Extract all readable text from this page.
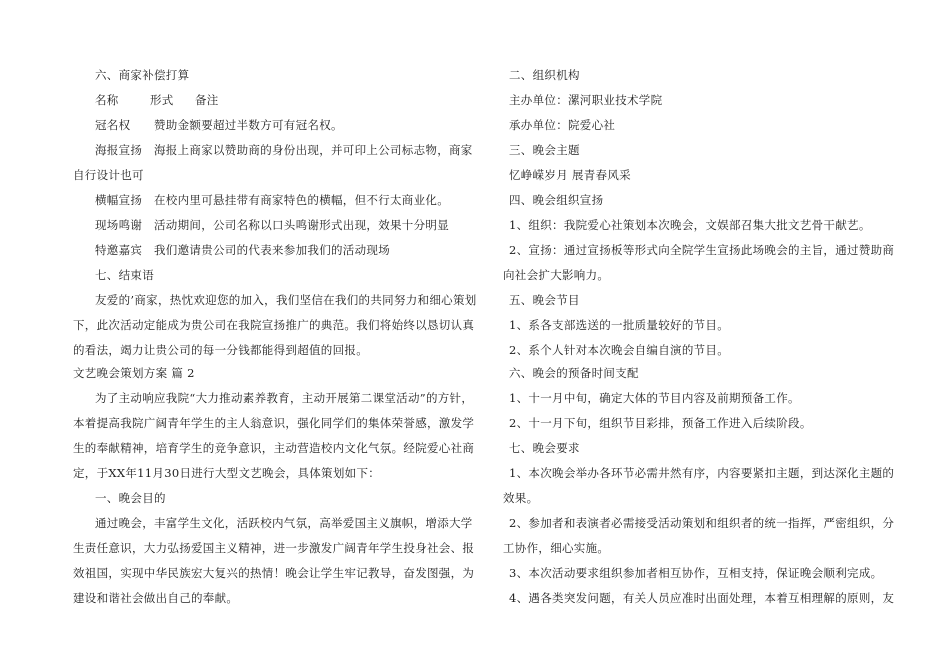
六、商家补偿打算
名称	形式 备注
冠名权 赞助金额要超过半数方可有冠名权。
海报宣扬 海报上商家以赞助商的身份出现，并可印上公司标志物，商家
自行设计也可
横幅宣扬 在校内里可悬挂带有商家特色的横幅，但不行太商业化。
现场鸣谢 活动期间，公司名称以口头鸣谢形式出现，效果十分明显
特邀嘉宾 我们邀请贵公司的代表来参加我们的活动现场
七、结束语
友爱的’商家，热忱欢迎您的加入，我们坚信在我们的共同努力和细心策划
下，此次活动定能成为贵公司在我院宣扬推广的典范。我们将始终以恳切认真
的看法，竭力让贵公司的每一分钱都能得到超值的回报。
文艺晚会策划方案 篇 2
为了主动响应我院“大力推动素养教育，主动开展第二课堂活动”的方针，
本着提高我院广阔青年学生的主人翁意识，强化同学们的集体荣誉感，激发学
生的奉献精神，培育学生的竞争意识，主动营造校内文化气氛。经院爱心社商
定，于XX年11月30日进行大型文艺晚会，具体策划如下：
一、晚会目的
通过晚会，丰富学生文化，活跃校内气氛，高举爱国主义旗帜，增添大学
生责任意识，大力弘扬爱国主义精神，进一步激发广阔青年学生投身社会、报
效祖国，实现中华民族宏大复兴的热情！晚会让学生牢记教导，奋发图强，为
建设和谐社会做出自己的奉献。
二、组织机构
主办单位：漯河职业技术学院
承办单位：院爱心社
三、晚会主题
忆峥嵘岁月 展青春风采
四、晚会组织宣扬
1、组织：我院爱心社策划本次晚会，文娱部召集大批文艺骨干献艺。
2、宣扬：通过宣扬板等形式向全院学生宣扬此场晚会的主旨，通过赞助商
向社会扩大影响力。
五、晚会节目
1、系各支部选送的一批质量较好的节目。
2、系个人针对本次晚会自编自演的节目。
六、晚会的预备时间支配
1、十一月中旬，确定大体的节目内容及前期预备工作。
2、十一月下旬，组织节目彩排，预备工作进入后续阶段。
七、晚会要求
1、本次晚会举办各环节必需井然有序，内容要紧扣主题，到达深化主题的
效果。
2、参加者和表演者必需接受活动策划和组织者的统一指挥，严密组织，分
工协作，细心实施。
3、本次活动要求组织参加者相互协作，互相支持，保证晚会顺利完成。
4、遇各类突发问题，有关人员应准时出面处理，本着互相理解的原则，友
